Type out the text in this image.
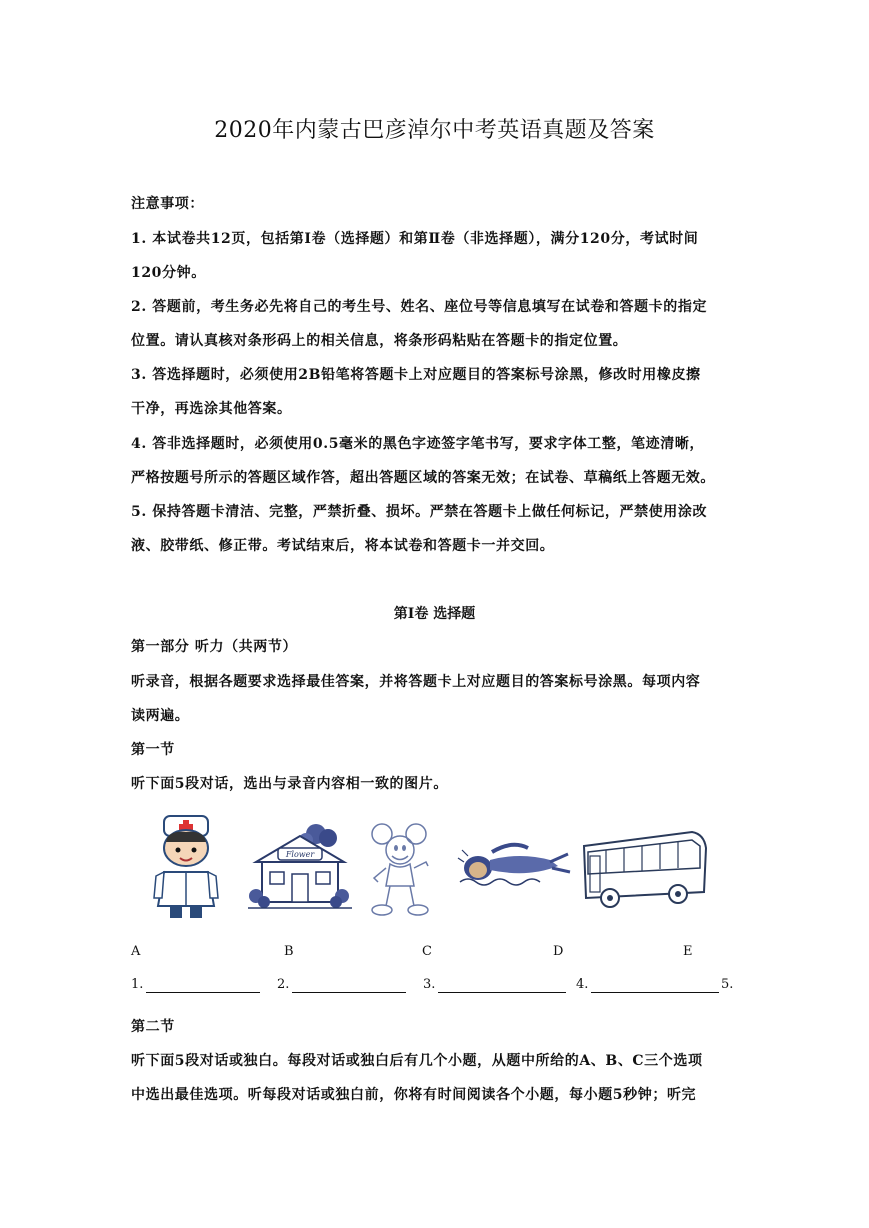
2020年内蒙古巴彦淖尔中考英语真题及答案
注意事项：
1. 本试卷共12页，包括第Ⅰ卷（选择题）和第Ⅱ卷（非选择题），满分120分，考试时间
120分钟。
2. 答题前，考生务必先将自己的考生号、姓名、座位号等信息填写在试卷和答题卡的指定
位置。请认真核对条形码上的相关信息，将条形码粘贴在答题卡的指定位置。
3. 答选择题时，必须使用2B铅笔将答题卡上对应题目的答案标号涂黑，修改时用橡皮擦
干净，再选涂其他答案。
4. 答非选择题时，必须使用0.5毫米的黑色字迹签字笔书写，要求字体工整，笔迹清晰，
严格按题号所示的答题区域作答，超出答题区域的答案无效；在试卷、草稿纸上答题无效。
5. 保持答题卡清洁、完整，严禁折叠、损坏。严禁在答题卡上做任何标记，严禁使用涂改
液、胶带纸、修正带。考试结束后，将本试卷和答题卡一并交回。
第Ⅰ卷 选择题
第一部分 听力（共两节）
听录音，根据各题要求选择最佳答案，并将答题卡上对应题目的答案标号涂黑。每项内容
读两遍。
第一节
听下面5段对话，选出与录音内容相一致的图片。
Flower
A	B	C	D	E
1.	2.	3.	4.	5.
第二节
听下面5段对话或独白。每段对话或独白后有几个小题，从题中所给的A、B、C三个选项
中选出最佳选项。听每段对话或独白前，你将有时间阅读各个小题，每小题5秒钟；听完
